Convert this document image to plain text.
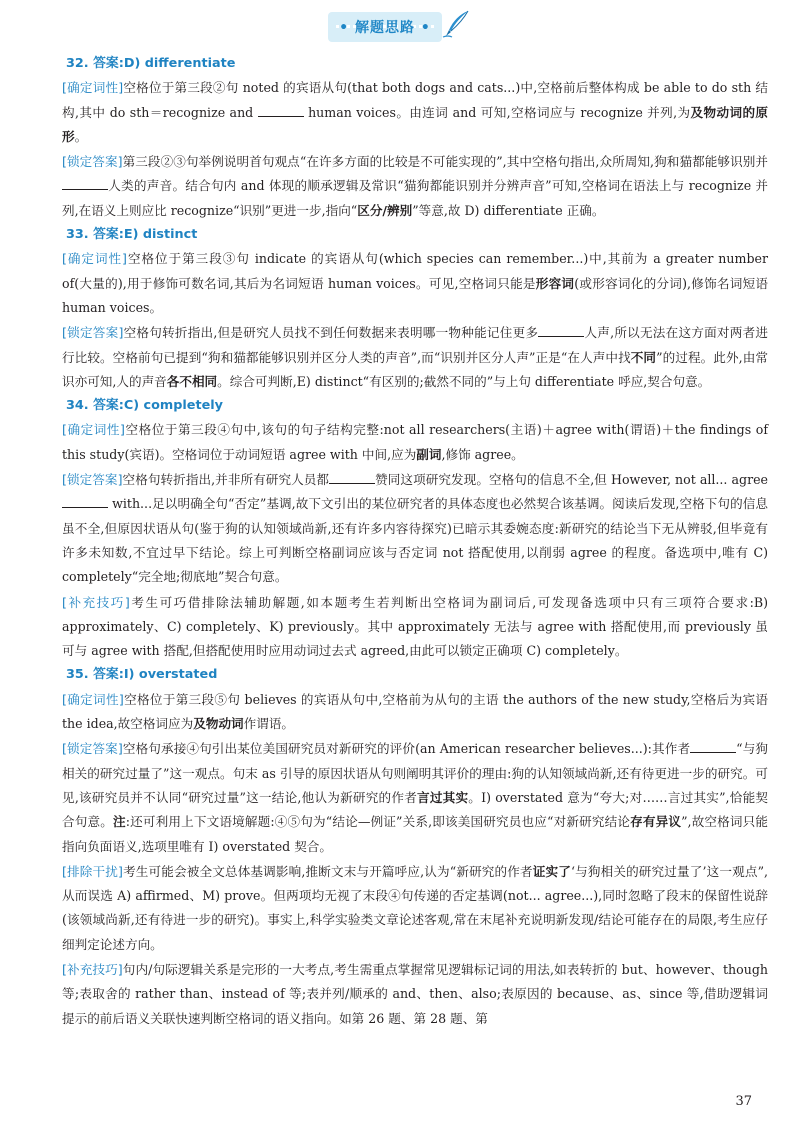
• 解题思路 •
32. 答案:D) differentiate

[确定词性]空格位于第三段②句 noted 的宾语从句(that both dogs and cats...)中,空格前后整体构成 be able to do sth 结构,其中 do sth＝recognize and	human voices。由连词 and 可知,空格词应与 recognize 并列,为及物动词的原形。

[锁定答案]第三段②③句举例说明首句观点“在许多方面的比较是不可能实现的”,其中空格句指出,众所周知,狗和猫都能够识别并人类的声音。结合句内 and 体现的顺承逻辑及常识“猫狗都能识别并分辨声音”可知,空格词在语法上与 recognize 并列,在语义上则应比 recognize“识别”更进一步,指向“区分/辨别”等意,故 D) differentiate 正确。

33. 答案:E) distinct

[确定词性]空格位于第三段③句 indicate 的宾语从句(which species can remember...)中,其前为 a greater number of(大量的),用于修饰可数名词,其后为名词短语 human voices。可见,空格词只能是形容词(或形容词化的分词),修饰名词短语 human voices。

[锁定答案]空格句转折指出,但是研究人员找不到任何数据来表明哪一物种能记住更多	人声,所以无法在这方面对两者进行比较。空格前句已提到“狗和猫都能够识别并区分人类的声音”,而“识别并区分人声”正是“在人声中找不同”的过程。此外,由常识亦可知,人的声音各不相同。综合可判断,E) distinct“有区别的;截然不同的”与上句 differentiate 呼应,契合句意。

34. 答案:C) completely

[确定词性]空格位于第三段④句中,该句的句子结构完整:not all researchers(主语)＋agree with(谓语)＋the findings of this study(宾语)。空格词位于动词短语 agree with 中间,应为副词,修饰 agree。

[锁定答案]空格句转折指出,并非所有研究人员都	赞同这项研究发现。空格句的信息不全,但 However, not all... agree  with...足以明确全句“否定”基调,故下文引出的某位研究者的具体态度也必然契合该基调。阅读后发现,空格下句的信息虽不全,但原因状语从句(鉴于狗的认知领域尚新,还有许多内容待探究)已暗示其委婉态度:新研究的结论当下无从辨驳,但毕竟有许多未知数,不宜过早下结论。综上可判断空格副词应该与否定词 not 搭配使用,以削弱 agree 的程度。备选项中,唯有 C) completely“完全地;彻底地”契合句意。

[补充技巧]考生可巧借排除法辅助解题,如本题考生若判断出空格词为副词后,可发现备选项中只有三项符合要求:B) approximately、C) completely、K) previously。其中 approximately 无法与 agree with 搭配使用,而 previously 虽可与 agree with 搭配,但搭配使用时应用动词过去式 agreed,由此可以锁定正确项 C) completely。

35. 答案:I) overstated

[确定词性]空格位于第三段⑤句 believes 的宾语从句中,空格前为从句的主语 the authors of the new study,空格后为宾语 the idea,故空格词应为及物动词作谓语。

[锁定答案]空格句承接④句引出某位美国研究员对新研究的评价(an American researcher believes...):其作者	“与狗相关的研究过量了”这一观点。句末 as 引导的原因状语从句则阐明其评价的理由:狗的认知领域尚新,还有待更进一步的研究。可见,该研究员并不认同“研究过量”这一结论,他认为新研究的作者言过其实。I) overstated 意为“夸大;对……言过其实”,恰能契合句意。注:还可利用上下文语境解题:④⑤句为“结论—例证”关系,即该美国研究员也应“对新研究结论存有异议”,故空格词只能指向负面语义,选项里唯有 I) overstated 契合。

[排除干扰]考生可能会被全文总体基调影响,推断文末与开篇呼应,认为“新研究的作者证实了‘与狗相关的研究过量了’这一观点”,从而误选 A) affirmed、M) prove。但两项均无视了末段④句传递的否定基调(not... agree...),同时忽略了段末的保留性说辞(该领域尚新,还有待进一步的研究)。事实上,科学实验类文章论述客观,常在末尾补充说明新发现/结论可能存在的局限,考生应仔细判定论述方向。

[补充技巧]句内/句际逻辑关系是完形的一大考点,考生需重点掌握常见逻辑标记词的用法,如表转折的 but、however、though 等;表取舍的 rather than、instead of 等;表并列/顺承的 and、then、also;表原因的 because、as、since 等,借助逻辑词提示的前后语义关联快速判断空格词的语义指向。如第 26 题、第 28 题、第

37
